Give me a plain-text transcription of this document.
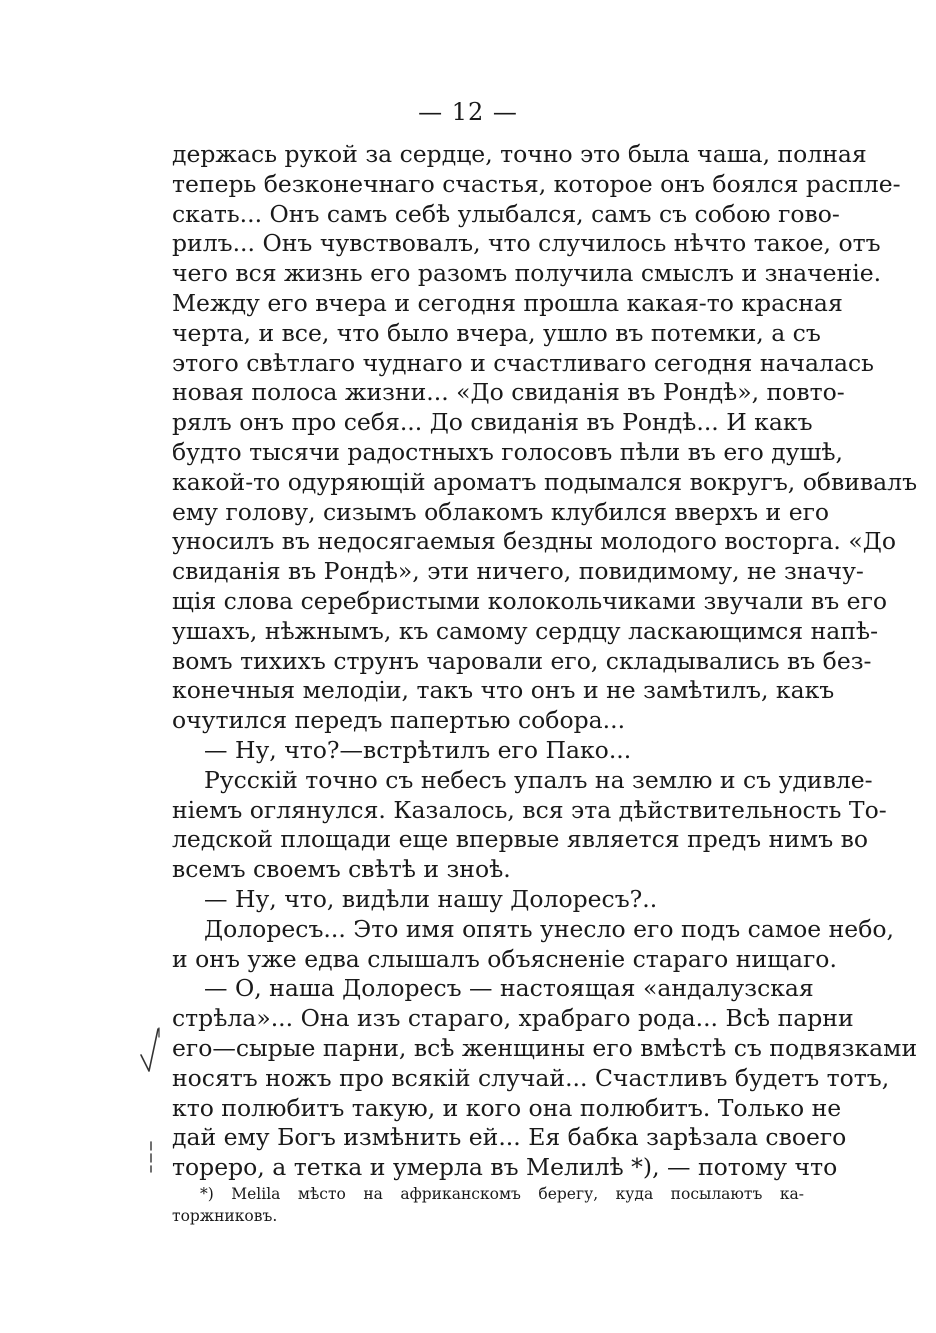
— 12 —
держась рукой за сердце, точно это была чаша, полная
теперь безконечнаго счастья, которое онъ боялся распле-
скать... Онъ самъ себѣ улыбался, самъ съ собою гово-
рилъ... Онъ чувствовалъ, что случилось нѣчто такое, отъ
чего вся жизнь его разомъ получила смыслъ и значеніе.
Между его вчера и сегодня прошла какая-то красная
черта, и все, что было вчера, ушло въ потемки, а съ
этого свѣтлаго чуднаго и счастливаго сегодня началась
новая полоса жизни... «До свиданія въ Рондѣ», повто-
рялъ онъ про себя... До свиданія въ Рондѣ... И какъ
будто тысячи радостныхъ голосовъ пѣли въ его душѣ,
какой-то одуряющій ароматъ подымался вокругъ, обвивалъ
ему голову, сизымъ облакомъ клубился вверхъ и его
уносилъ въ недосягаемыя бездны молодого восторга. «До
свиданія въ Рондѣ», эти ничего, повидимому, не значу-
щія слова серебристыми колокольчиками звучали въ его
ушахъ, нѣжнымъ, къ самому сердцу ласкающимся напѣ-
вомъ тихихъ струнъ чаровали его, складывались въ без-
конечныя мелодіи, такъ что онъ и не замѣтилъ, какъ
очутился передъ папертью собора...
— Ну, что?—встрѣтилъ его Пако...
Русскій точно съ небесъ упалъ на землю и съ удивле-
ніемъ оглянулся. Казалось, вся эта дѣйствительность То-
ледской площади еще впервые является предъ нимъ во
всемъ своемъ свѣтѣ и зноѣ.
— Ну, что, видѣли нашу Долоресъ?..
Долоресъ... Это имя опять унесло его подъ самое небо,
и онъ уже едва слышалъ объясненіе стараго нищаго.
— О, наша Долоресъ — настоящая «андалузская
стрѣла»... Она изъ стараго, храбраго рода... Всѣ парни
его—сырые парни, всѣ женщины его вмѣстѣ съ подвязками
носятъ ножъ про всякій случай... Счастливъ будетъ тотъ,
кто полюбитъ такую, и кого она полюбитъ. Только не
дай ему Богъ измѣнить ей... Ея бабка зарѣзала своего
тореро, а тетка и умерла въ Мелилѣ *), — потому что
*) Melila мѣсто на африканскомъ берегу, куда посылаютъ ка-
торжниковъ.
